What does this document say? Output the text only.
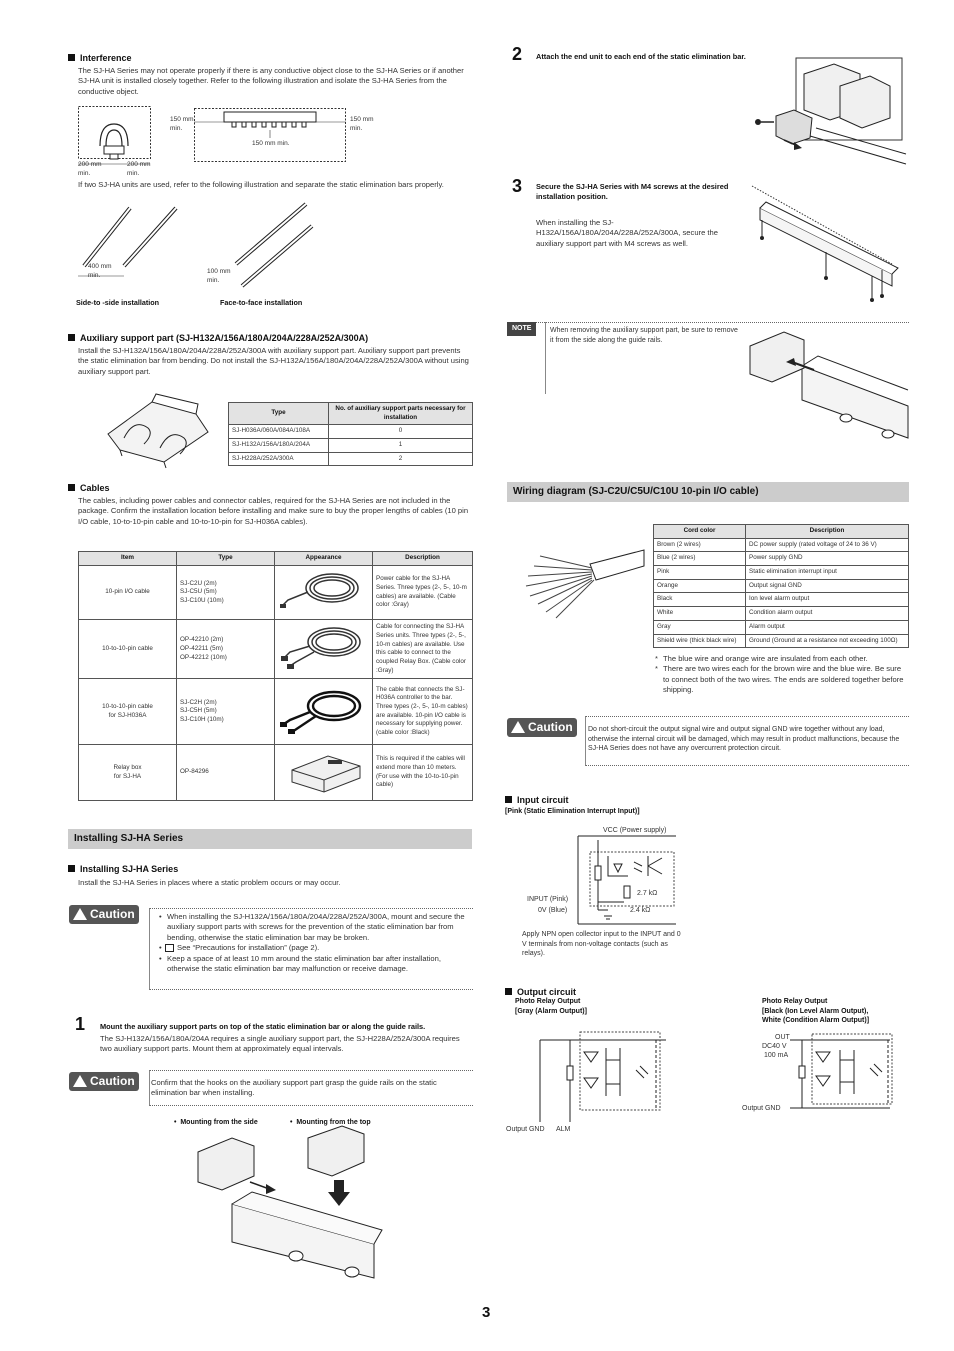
Interference
The SJ-HA Series may not operate properly if there is any conductive object close to the SJ-HA Series or if another SJ-HA unit is installed closely together. Refer to the following illustration and isolate the SJ-HA Series from the conductive object.
200 mm min.
200 mm min.
150 mm min.
150 mm min.
150 mm min.
If two SJ-HA units are used, refer to the following illustration and separate the static elimination bars properly.
400 mm min.
Side-to -side installation
100 mm min.
Face-to-face installation
Auxiliary support part (SJ-H132A/156A/180A/204A/228A/252A/300A)
Install the SJ-H132A/156A/180A/204A/228A/252A/300A with auxiliary support part. Auxiliary support part prevents the static elimination bar from bending. Do not install the SJ-H132A/156A/180A/204A/228A/252A/300A without using auxiliary support part.
Type	No. of auxiliary support parts necessary for installation
SJ-H036A/060A/084A/108A	0
SJ-H132A/156A/180A/204A	1
SJ-H228A/252A/300A	2
Cables
The cables, including power cables and connector cables, required for the SJ-HA Series are not included in the package. Confirm the installation location before installing and make sure to buy the proper lengths of cables (10 pin I/O cable, 10-to-10-pin cable and 10-to-10-pin for SJ-H036A cables).
Item	Type	Appearance	Description
10-pin I/O cable	SJ-C2U (2m)
SJ-C5U (5m)
SJ-C10U (10m)		Power cable for the SJ-HA Series. Three types (2-, 5-, 10-m cables) are available. (Cable color :Gray)
10-to-10-pin cable	OP-42210 (2m)
OP-42211 (5m)
OP-42212 (10m)		Cable for connecting the SJ-HA Series units. Three types (2-, 5-, 10-m cables) are available. Use this cable to connect to the coupled Relay Box. (Cable color :Gray)
10-to-10-pin cable
for SJ-H036A	SJ-C2H (2m)
SJ-C5H (5m)
SJ-C10H (10m)		The cable that connects the SJ-H036A controller to the bar. Three types (2-, 5-, 10-m cables) are available. 10-pin I/O cable is necessary for supplying power. (cable color :Black)
Relay box
for SJ-HA	OP-84296		This is required if the cables will extend more than 10 meters. (For use with the 10-to-10-pin cable)
Installing SJ-HA Series
Installing SJ-HA Series
Install the SJ-HA Series in places where a static problem occurs or may occur.
Caution	• When installing the SJ-H132A/156A/180A/204A/228A/252A/300A, mount and secure the auxiliary support parts with screws for the prevention of the static elimination bar from bending, otherwise the static elimination bar may be broken.
• See “Precautions for installation” (page 2).
• Keep a space of at least 10 mm around the static elimination bar after installation, otherwise the static elimination bar may malfunction or receive damage.
1 Mount the auxiliary support parts on top of the static elimination bar or along the guide rails.
The SJ-H132A/156A/180A/204A requires a single auxiliary support part, the SJ-H228A/252A/300A requires two auxiliary support parts. Mount them at approximately equal intervals.
Caution Confirm that the hooks on the auxiliary support part grasp the guide rails on the static elimination bar when installing.
•  Mounting from the side	•  Mounting from the top
2 Attach the end unit to each end of the static elimination bar.
3 Secure the SJ-HA Series with M4 screws at the desired installation position.
When installing the SJ-H132A/156A/180A/204A/228A/252A/300A, secure the auxiliary support part with M4 screws as well.
NOTE	When removing the auxiliary support part, be sure to remove it from the side along the guide rails.
Wiring diagram (SJ-C2U/C5U/C10U 10-pin I/O cable)
Cord color	Description
Brown (2 wires)	DC power supply (rated voltage of 24 to 36 V)
Blue (2 wires)	Power supply GND
Pink	Static elimination interrupt input
Orange	Output signal GND
Black	Ion level alarm output
White	Condition alarm output
Gray	Alarm output
Shield wire (thick black wire)	Ground (Ground at a resistance not exceeding 100Ω)
* The blue wire and orange wire are insulated from each other.
* There are two wires each for the brown wire and the blue wire. Be sure to connect both of the two wires. The ends are soldered together before shipping.
Caution Do not short-circuit the output signal wire and output signal GND wire together without any load, otherwise the internal circuit will be damaged, which may result in product malfunctions, because the SJ-HA Series does not have any overcurrent protection circuit.
Input circuit
[Pink (Static Elimination Interrupt Input)]
VCC (Power supply)
2.7 kΩ
2.4 kΩ
INPUT (Pink)
0V (Blue)
Apply NPN open collector input to the INPUT and 0 V terminals from non-voltage contacts (such as relays).
Output circuit
Photo Relay Output
[Gray (Alarm Output)]
Photo Relay Output
[Black (Ion Level Alarm Output),
White (Condition Alarm Output)]
Output GND ALM
OUT
DC40 V
100 mA
Output GND
3
